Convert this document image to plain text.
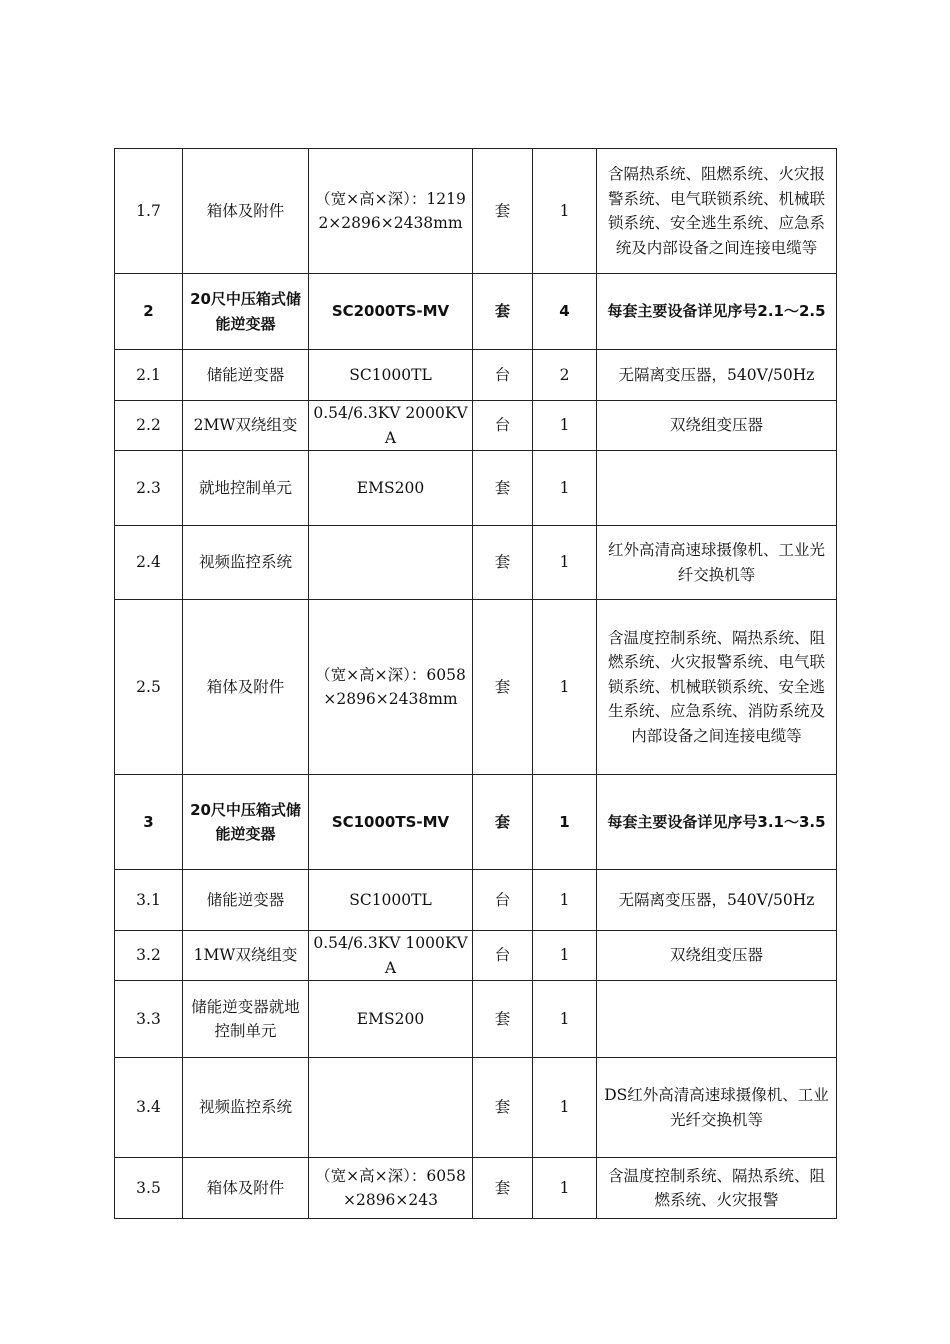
1.7	箱体及附件	（宽×高×深）：12192×2896×2438mm	套	1	含隔热系统、阻燃系统、火灾报警系统、电气联锁系统、机械联锁系统、安全逃生系统、应急系统及内部设备之间连接电缆等
2	20尺中压箱式储能逆变器	SC2000TS-MV	套	4	每套主要设备详见序号2.1～2.5
2.1	储能逆变器	SC1000TL	台	2	无隔离变压器，540V/50Hz
2.2	2MW双绕组变	0.54/6.3KV 2000KVA	台	1	双绕组变压器
2.3	就地控制单元	EMS200	套	1	
2.4	视频监控系统		套	1	红外高清高速球摄像机、工业光纤交换机等
2.5	箱体及附件	（宽×高×深）：6058×2896×2438mm	套	1	含温度控制系统、隔热系统、阻燃系统、火灾报警系统、电气联锁系统、机械联锁系统、安全逃生系统、应急系统、消防系统及内部设备之间连接电缆等
3	20尺中压箱式储能逆变器	SC1000TS-MV	套	1	每套主要设备详见序号3.1～3.5
3.1	储能逆变器	SC1000TL	台	1	无隔离变压器，540V/50Hz
3.2	1MW双绕组变	0.54/6.3KV 1000KVA	台	1	双绕组变压器
3.3	储能逆变器就地控制单元	EMS200	套	1	
3.4	视频监控系统		套	1	DS红外高清高速球摄像机、工业光纤交换机等
3.5	箱体及附件	（宽×高×深）：6058×2896×243	套	1	含温度控制系统、隔热系统、阻燃系统、火灾报警
